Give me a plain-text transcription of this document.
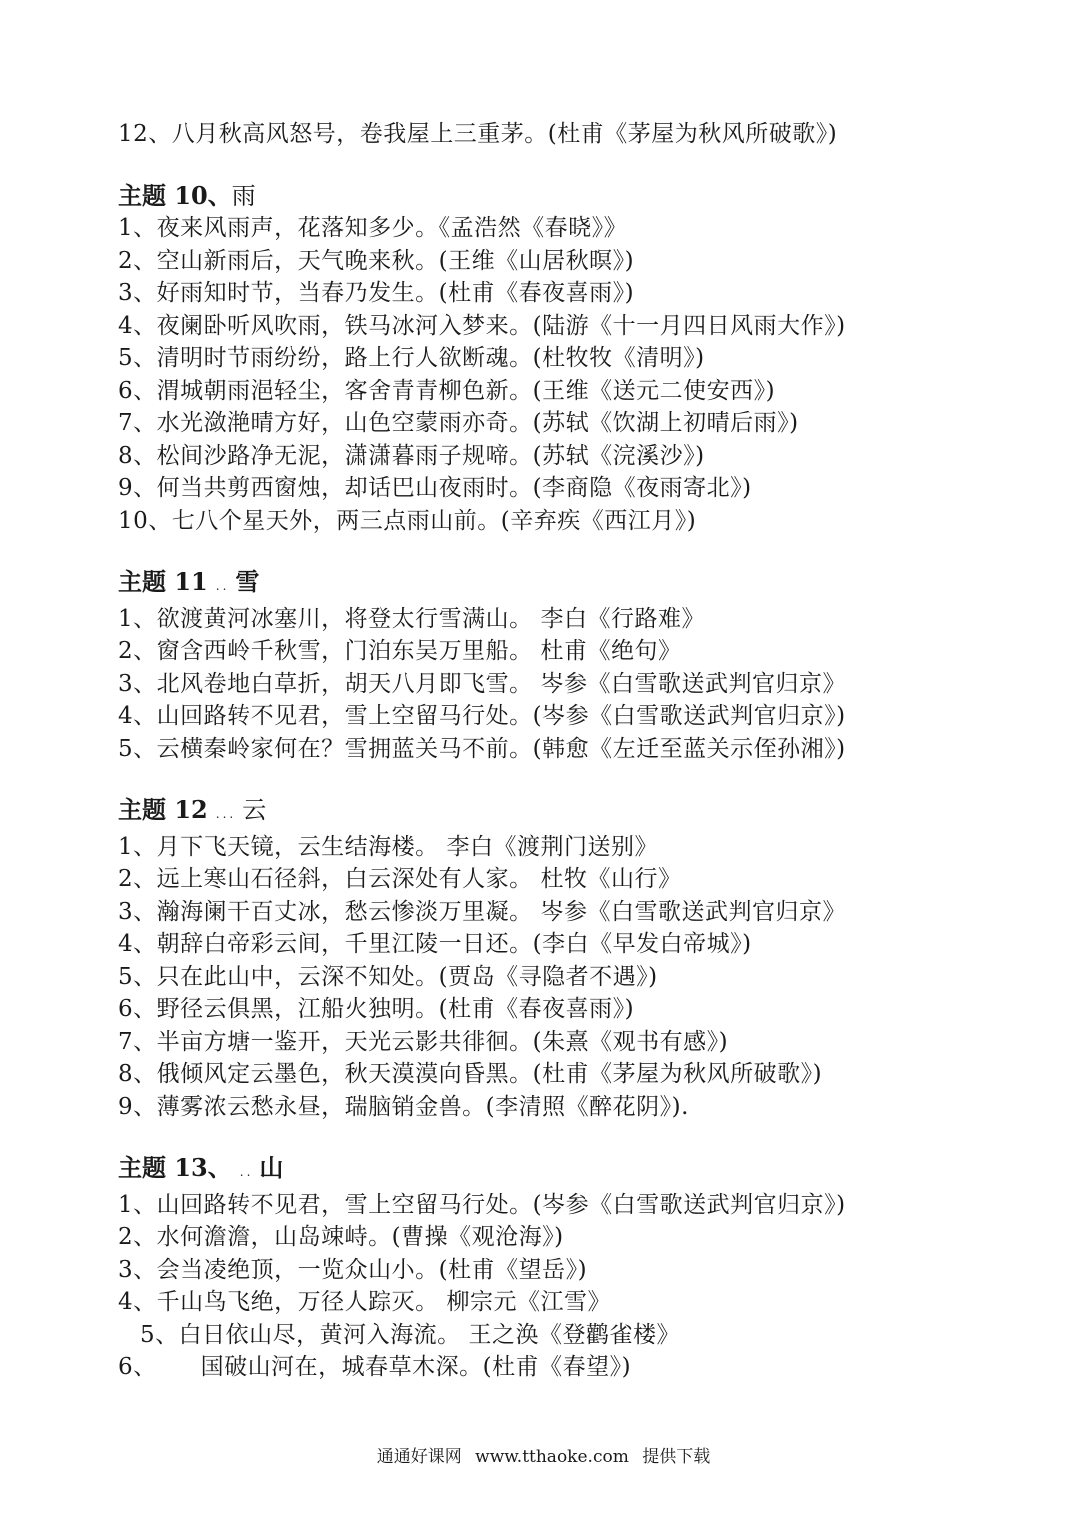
12、八月秋高风怒号，卷我屋上三重茅。(杜甫《茅屋为秋风所破歌》)
主题 10、雨
1、夜来风雨声，花落知多少。《孟浩然《春晓》》
2、空山新雨后，天气晚来秋。(王维《山居秋暝》)
3、好雨知时节，当春乃发生。(杜甫《春夜喜雨》)
4、夜阑卧听风吹雨，铁马冰河入梦来。(陆游《十一月四日风雨大作》)
5、清明时节雨纷纷，路上行人欲断魂。(杜牧牧《清明》)
6、渭城朝雨浥轻尘，客舍青青柳色新。(王维《送元二使安西》)
7、水光潋滟晴方好，山色空蒙雨亦奇。(苏轼《饮湖上初晴后雨》)
8、松间沙路净无泥，潇潇暮雨子规啼。(苏轼《浣溪沙》)
9、何当共剪西窗烛，却话巴山夜雨时。(李商隐《夜雨寄北》)
10、七八个星天外，两三点雨山前。(辛弃疾《西江月》)
主题 11 .. 雪
1、欲渡黄河冰塞川，将登太行雪满山。 李白《行路难》
2、窗含西岭千秋雪，门泊东吴万里船。 杜甫《绝句》
3、北风卷地白草折，胡天八月即飞雪。 岑参《白雪歌送武判官归京》
4、山回路转不见君，雪上空留马行处。(岑参《白雪歌送武判官归京》)
5、云横秦岭家何在？雪拥蓝关马不前。(韩愈《左迁至蓝关示侄孙湘》)
主题 12 ... 云
1、月下飞天镜，云生结海楼。 李白《渡荆门送别》
2、远上寒山石径斜，白云深处有人家。 杜牧《山行》
3、瀚海阑干百丈冰，愁云惨淡万里凝。 岑参《白雪歌送武判官归京》
4、朝辞白帝彩云间，千里江陵一日还。(李白《早发白帝城》)
5、只在此山中，云深不知处。(贾岛《寻隐者不遇》)
6、野径云俱黑，江船火独明。(杜甫《春夜喜雨》)
7、半亩方塘一鉴开，天光云影共徘徊。(朱熹《观书有感》)
8、俄倾风定云墨色，秋天漠漠向昏黑。(杜甫《茅屋为秋风所破歌》)
9、薄雾浓云愁永昼，瑞脑销金兽。(李清照《醉花阴》).
主题 13、 .. 山
1、山回路转不见君，雪上空留马行处。(岑参《白雪歌送武判官归京》)
2、水何澹澹，山岛竦峙。(曹操《观沧海》)
3、会当凌绝顶，一览众山小。(杜甫《望岳》)
4、千山鸟飞绝，万径人踪灭。 柳宗元《江雪》
5、白日依山尽，黄河入海流。 王之涣《登鹳雀楼》
6、 国破山河在，城春草木深。(杜甫《春望》)
通通好课网 www.tthaoke.com 提供下载
